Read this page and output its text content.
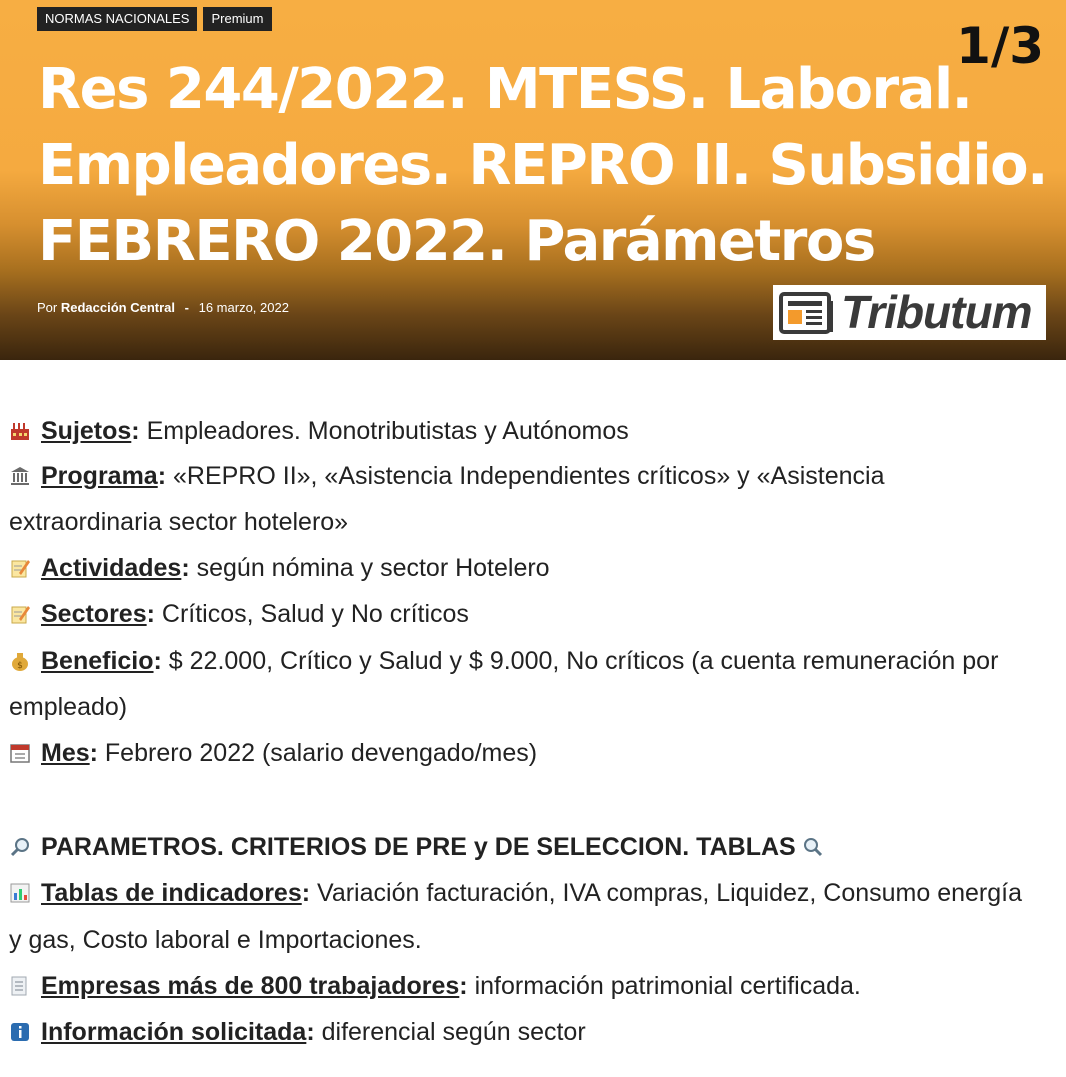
NORMAS NACIONALES	Premium	1/3
Res 244/2022. MTESS. Laboral.
Empleadores. REPRO II. Subsidio.
FEBRERO 2022. Parámetros
Por Redacción Central - 16 marzo, 2022	Tributum
Sujetos: Empleadores. Monotributistas y Autónomos
Programa: «REPRO II», «Asistencia Independientes críticos» y «Asistencia
extraordinaria sector hotelero»
Actividades: según nómina y sector Hotelero
Sectores: Críticos, Salud y No críticos
$ Beneficio: $ 22.000, Crítico y Salud y $ 9.000, No críticos (a cuenta remuneración por
empleado)
Mes: Febrero 2022 (salario devengado/mes)
PARAMETROS. CRITERIOS DE PRE y DE SELECCION. TABLAS
Tablas de indicadores: Variación facturación, IVA compras, Liquidez, Consumo energía
y gas, Costo laboral e Importaciones.
Empresas más de 800 trabajadores: información patrimonial certificada.
Información solicitada: diferencial según sector
